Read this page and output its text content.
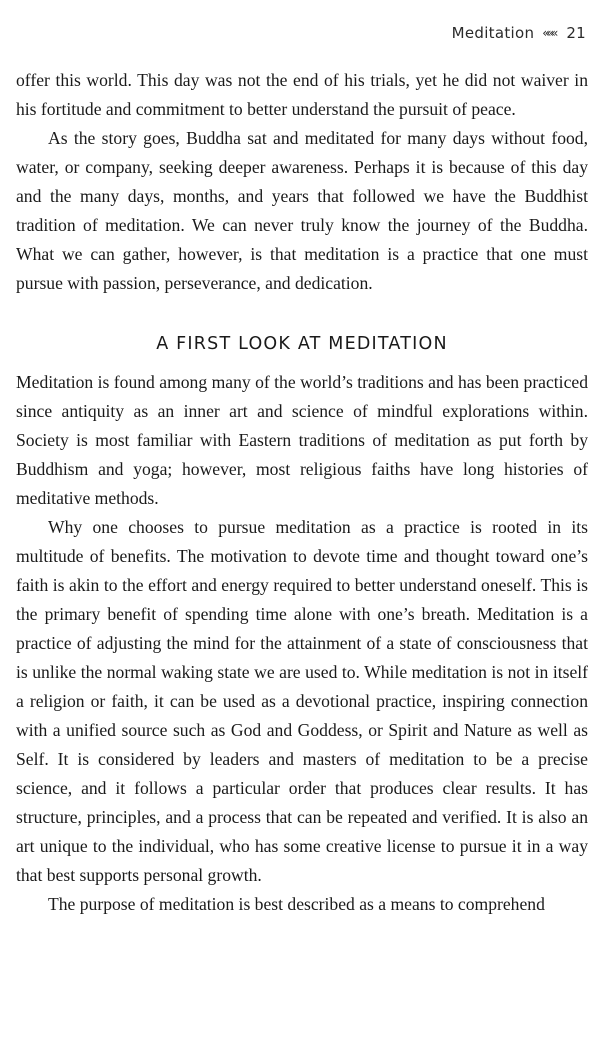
Meditation ««« 21

offer this world. This day was not the end of his trials, yet he did not waiver in his fortitude and commitment to better understand the pursuit of peace.

As the story goes, Buddha sat and meditated for many days without food, water, or company, seeking deeper awareness. Perhaps it is because of this day and the many days, months, and years that followed we have the Buddhist tradition of meditation. We can never truly know the journey of the Buddha. What we can gather, however, is that meditation is a practice that one must pursue with passion, perseverance, and dedication.

A FIRST LOOK AT MEDITATION

Meditation is found among many of the world’s traditions and has been practiced since antiquity as an inner art and science of mindful explorations within. Society is most familiar with Eastern traditions of meditation as put forth by Buddhism and yoga; however, most religious faiths have long histories of meditative methods.

Why one chooses to pursue meditation as a practice is rooted in its multitude of benefits. The motivation to devote time and thought toward one’s faith is akin to the effort and energy required to better understand oneself. This is the primary benefit of spending time alone with one’s breath. Meditation is a practice of adjusting the mind for the attainment of a state of consciousness that is unlike the normal waking state we are used to. While meditation is not in itself a religion or faith, it can be used as a devotional practice, inspiring connection with a unified source such as God and Goddess, or Spirit and Nature as well as Self. It is considered by leaders and masters of meditation to be a precise science, and it follows a particular order that produces clear results. It has structure, principles, and a process that can be repeated and verified. It is also an art unique to the individual, who has some creative license to pursue it in a way that best supports personal growth.

The purpose of meditation is best described as a means to comprehend
